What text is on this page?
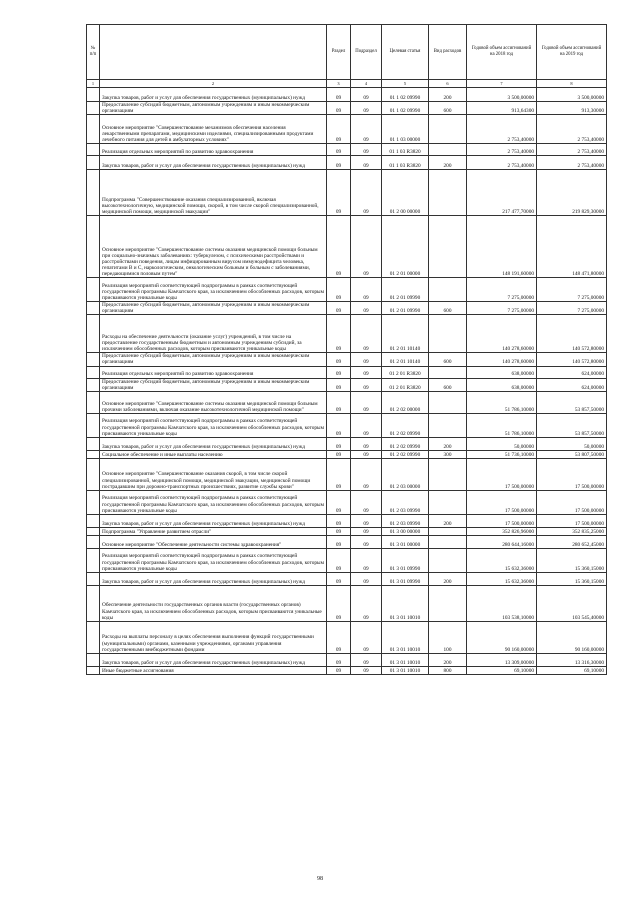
№ п/п		Раздел	Подраздел	Целевая статья	Вид расходов	Годовой объем ассигнований на 2018 год	Годовой объем ассигнований на 2019 год
1	2	3	4	5	6	7	8
	Закупка товаров, работ и услуг для обеспечения государственных (муниципальных) нужд	09	09	01 1 02 09990	200	3 500,00000	3 500,00000
	Предоставление субсидий бюджетным, автономным учреждениям и иным некоммерческим организациям	09	09	01 1 02 09990	600	913,64300	913,30000
	Основное мероприятие "Совершенствование механизмов обеспечения населения лекарственными препаратами, медицинскими изделиями, специализированными продуктами лечебного питания для детей в амбулаторных условиях"	09	09	01 1 03 00000		2 753,40000	2 753,40000
	Реализация отдельных мероприятий по развитию здравоохранения	09	09	01 1 03 R3820		2 753,40000	2 753,40000
	Закупка товаров, работ и услуг для обеспечения государственных (муниципальных) нужд	09	09	01 1 03 R3820	200	2 753,40000	2 753,40000
	Подпрограмма "Совершенствование оказания специализированной, включая высокотехнологичную, медицинской помощи, скорой, в том числе скорой специализированной, медицинской помощи, медицинской эвакуации"	09	09	01 2 00 00000		217 477,70000	219 829,30000
	Основное мероприятие "Совершенствование системы оказания медицинской помощи больным при социально-значимых заболеваниях: туберкулезом, с психическими расстройствами и расстройствами поведения, лицам инфицированным вирусом иммунодефицита человека, гепатитами В и С, наркологическим, онкологическим больным и больным с заболеваниями, передающимися половым путем"	09	09	01 2 01 00000		148 191,60000	148 471,80000
	Реализация мероприятий соответствующей подпрограммы в рамках соответствующей государственной программы Камчатского края, за исключением обособленных расходов, которым присваиваются уникальные коды	09	09	01 2 01 09990		7 275,00000	7 275,00000
	Предоставление субсидий бюджетным, автономным учреждениям и иным некоммерческим организациям	09	09	01 2 01 09990	600	7 275,00000	7 275,00000
	Расходы на обеспечение деятельности (оказание услуг) учреждений, в том числе на предоставление государственным бюджетным и автономным учреждениям субсидий, за исключением обособленных расходов, которым присваиваются уникальные коды	09	09	01 2 01 10140		140 278,60000	140 572,80000
	Предоставление субсидий бюджетным, автономным учреждениям и иным некоммерческим организациям	09	09	01 2 01 10140	600	140 278,60000	140 572,80000
	Реализация отдельных мероприятий по развитию здравоохранения	09	09	01 2 01 R3820		638,00000	624,00000
	Предоставление субсидий бюджетным, автономным учреждениям и иным некоммерческим организациям	09	09	01 2 01 R3820	600	638,00000	624,00000
	Основное мероприятие "Совершенствование системы оказания медицинской помощи больным прочими заболеваниями, включая оказание высокотехнологичной медицинской помощи"	09	09	01 2 02 00000		51 786,10000	53 857,50000
	Реализация мероприятий соответствующей подпрограммы в рамках соответствующей государственной программы Камчатского края, за исключением обособленных расходов, которым присваиваются уникальные коды	09	09	01 2 02 09990		51 786,10000	53 857,50000
	Закупка товаров, работ и услуг для обеспечения государственных (муниципальных) нужд	09	09	01 2 02 09990	200	50,00000	50,00000
	Социальное обеспечение и иные выплаты населению	09	09	01 2 02 09990	300	51 736,10000	53 807,50000
	Основное мероприятие "Совершенствование оказания скорой, в том числе скорой специализированной, медицинской помощи, медицинской эвакуации, медицинской помощи пострадавшим при дорожно-транспортных происшествиях, развитие службы крови"	09	09	01 2 03 00000		17 500,00000	17 500,00000
	Реализация мероприятий соответствующей подпрограммы в рамках соответствующей государственной программы Камчатского края, за исключением обособленных расходов, которым присваиваются уникальные коды	09	09	01 2 03 09990		17 500,00000	17 500,00000
	Закупка товаров, работ и услуг для обеспечения государственных (муниципальных) нужд	09	09	01 2 03 09990	200	17 500,00000	17 500,00000
	Подпрограмма "Управление развитием отрасли"	09	09	01 3 00 00000		352 826,96000	352 835,25000
	Основное мероприятие "Обеспечение деятельности системы здравоохранения"	09	09	01 3 01 00000		280 644,16000	280 652,45000
	Реализация мероприятий соответствующей подпрограммы в рамках соответствующей государственной программы Камчатского края, за исключением обособленных расходов, которым присваиваются уникальные коды	09	09	01 3 01 09990		15 632,36000	15 360,15000
	Закупка товаров, работ и услуг для обеспечения государственных (муниципальных) нужд	09	09	01 3 01 09990	200	15 632,36000	15 360,15000
	Обеспечение деятельности государственных органов власти (государственных органов) Камчатского края, за исключением обособленных расходов, которым присваиваются уникальные коды	09	09	01 3 01 10010		103 538,10000	103 545,40000
	Расходы на выплаты персоналу в целях обеспечения выполнения функций государственными (муниципальными) органами, казенными учреждениями, органами управления государственными внебюджетными фондами	09	09	01 3 01 10010	100	90 160,00000	90 160,00000
	Закупка товаров, работ и услуг для обеспечения государственных (муниципальных) нужд	09	09	01 3 01 10010	200	13 309,00000	13 316,30000
	Иные бюджетные ассигнования	09	09	01 3 01 10010	800	69,10000	69,10000
98
